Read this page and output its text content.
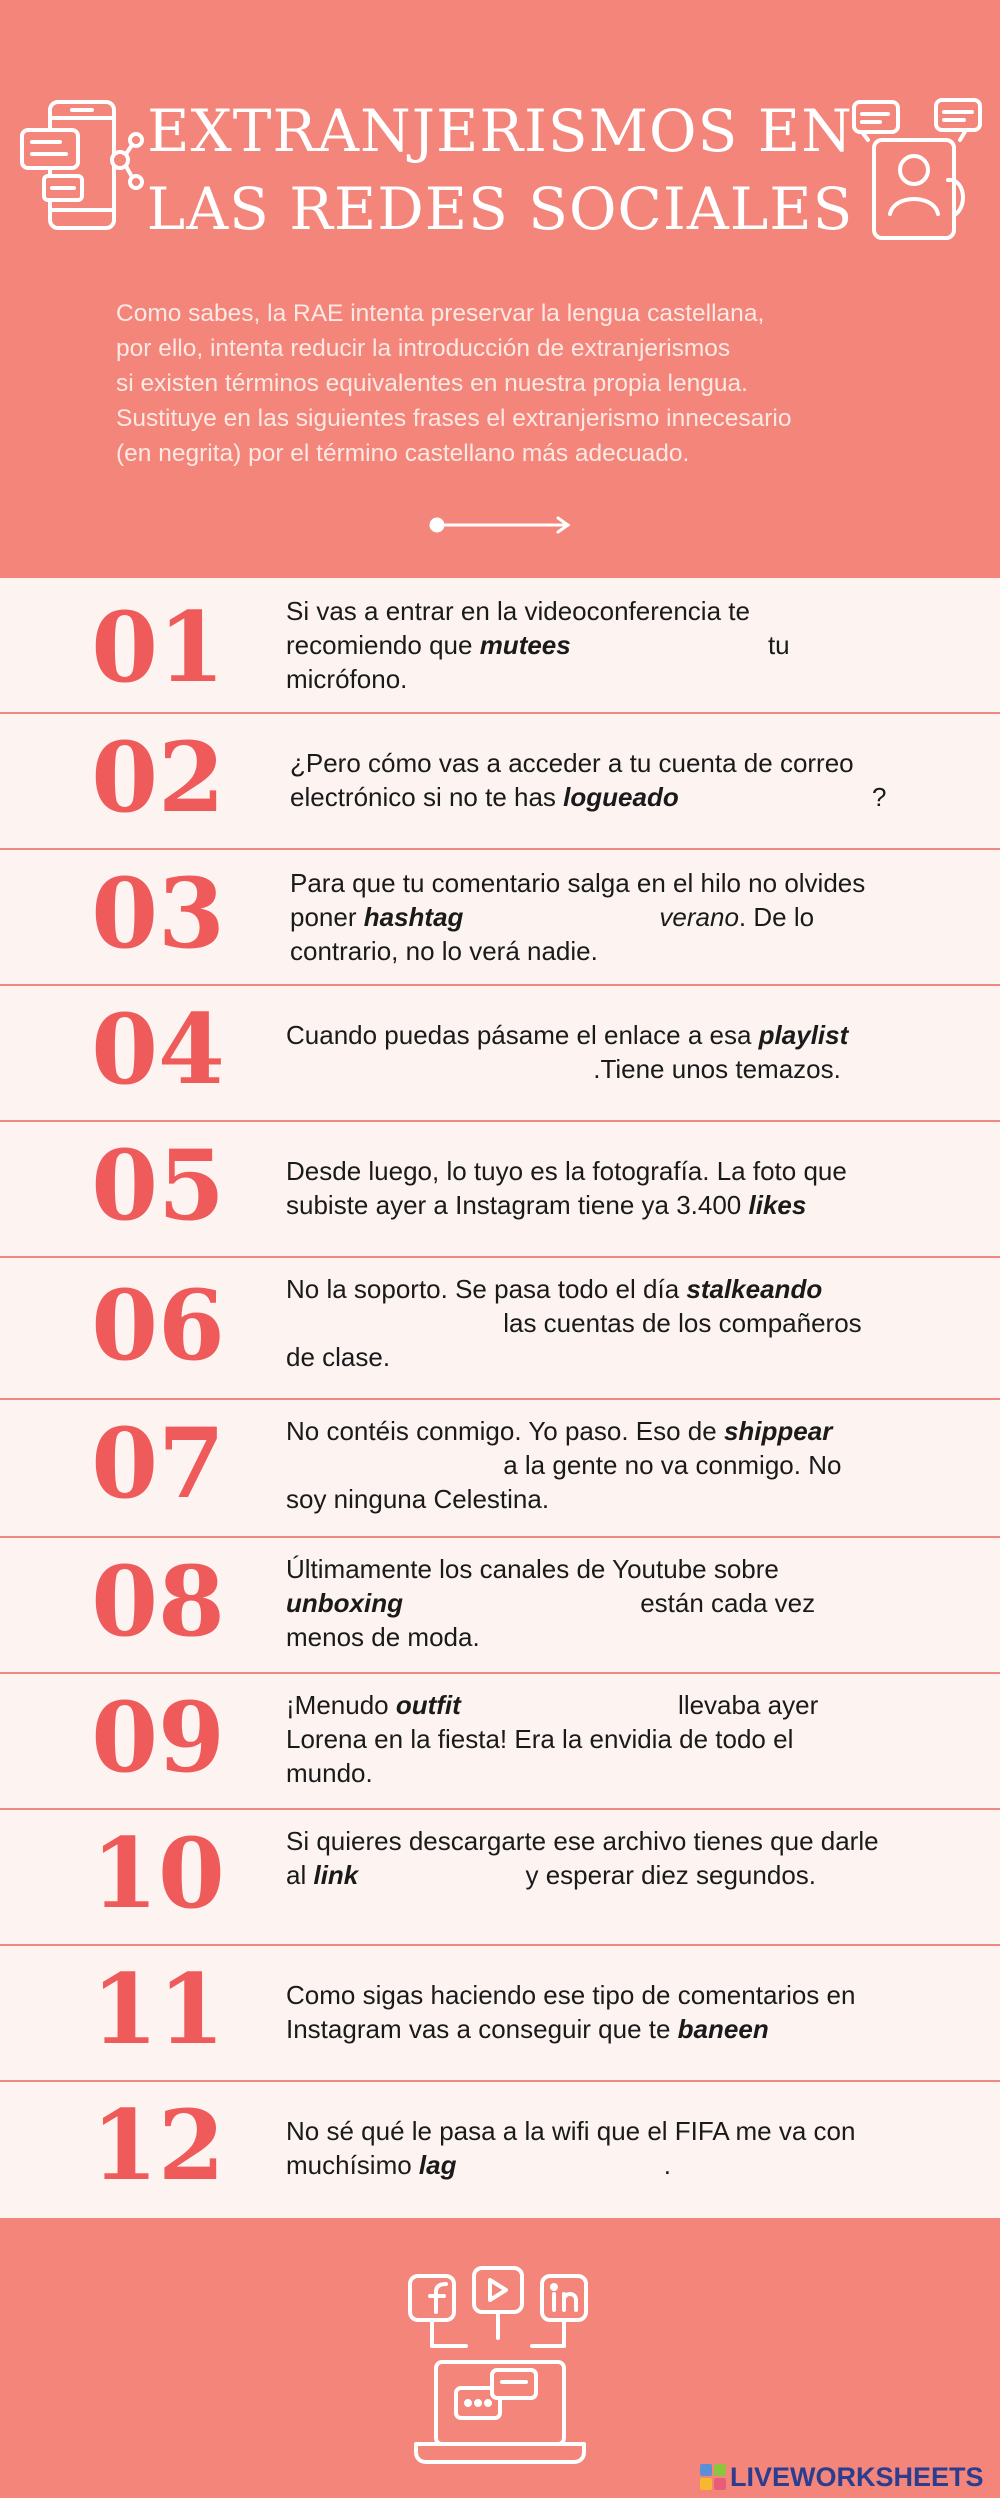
EXTRANJERISMOS EN
LAS REDES SOCIALES
Como sabes, la RAE intenta preservar la lengua castellana,
por ello, intenta reducir la introducción de extranjerismos
si existen términos equivalentes en nuestra propia lengua.
Sustituye en las siguientes frases el extranjerismo innecesario
(en negrita) por el término castellano más adecuado.
01	Si vas a entrar en la videoconferencia te recomiendo que mutees	tu micrófono.
02	¿Pero cómo vas a acceder a tu cuenta de correo electrónico si no te has logueado	?
03	Para que tu comentario salga en el hilo no olvides poner hashtag	verano. De lo contrario, no lo verá nadie.
04	Cuando puedas pásame el enlace a esa playlist .Tiene unos temazos.
05	Desde luego, lo tuyo es la fotografía. La foto que subiste ayer a Instagram tiene ya 3.400 likes
06	No la soporto. Se pasa todo el día stalkeando las cuentas de los compañeros de clase.
07	No contéis conmigo. Yo paso. Eso de shippear a la gente no va conmigo. No soy ninguna Celestina.
08	Últimamente los canales de Youtube sobre unboxing	están cada vez menos de moda.
09	¡Menudo outfit	llevaba ayer Lorena en la fiesta! Era la envidia de todo el mundo.
10	Si quieres descargarte ese archivo tienes que darle al link	y esperar diez segundos.
11	Como sigas haciendo ese tipo de comentarios en Instagram vas a conseguir que te baneen
12	No sé qué le pasa a la wifi que el FIFA me va con muchísimo lag	.
LIVEWORKSHEETS
